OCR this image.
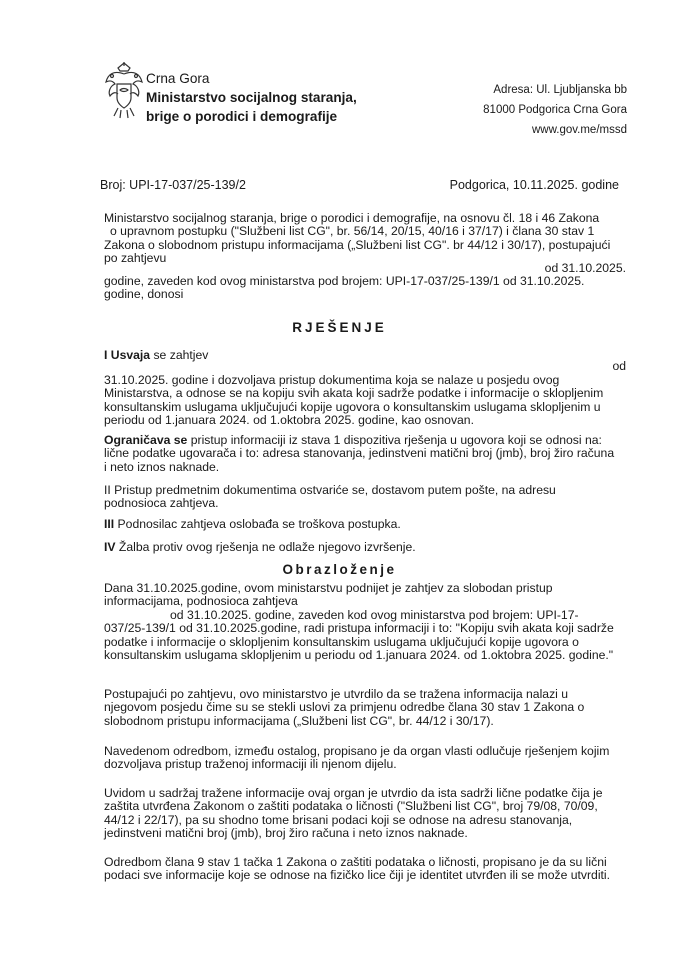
Crna Gora
Ministarstvo socijalnog staranja,
brige o porodici i demografije
Adresa: Ul. Ljubljanska bb
81000 Podgorica Crna Gora
www.gov.me/mssd
Broj: UPI-17-037/25-139/2	Podgorica, 10.11.2025. godine
Ministarstvo socijalnog staranja, brige o porodici i demografije, na osnovu čl. 18 i 46 Zakona
o upravnom postupku ("Službeni list CG", br. 56/14, 20/15, 40/16 i 37/17) i člana 30 stav 1
Zakona o slobodnom pristupu informacijama („Službeni list CG". br 44/12 i 30/17), postupajući
po zahtjevu
od 31.10.2025.
godine, zaveden kod ovog ministarstva pod brojem: UPI-17-037/25-139/1 od 31.10.2025.
godine, donosi
RJEŠENJE
I Usvaja se zahtjev
od
31.10.2025. godine i dozvoljava pristup dokumentima koja se nalaze u posjedu ovog
Ministarstva, a odnose se na kopiju svih akata koji sadrže podatke i informacije o sklopljenim
konsultanskim uslugama uključujući kopije ugovora o konsultanskim uslugama sklopljenim u
periodu od 1.januara 2024. od 1.oktobra 2025. godine, kao osnovan.
Ograničava se pristup informaciji iz stava 1 dispozitiva rješenja u ugovora koji se odnosi na:
lične podatke ugovarača i to: adresa stanovanja, jedinstveni matični broj (jmb), broj žiro računa
i neto iznos naknade.
II Pristup predmetnim dokumentima ostvariće se, dostavom putem pošte, na adresu
podnosioca zahtjeva.
III Podnosilac zahtjeva oslobađa se troškova postupka.
IV Žalba protiv ovog rješenja ne odlaže njegovo izvršenje.
Obrazloženje
Dana 31.10.2025.godine, ovom ministarstvu podnijet je zahtjev za slobodan pristup
informacijama, podnosioca zahtjeva
od 31.10.2025. godine, zaveden kod ovog ministarstva pod brojem: UPI-17-
037/25-139/1 od 31.10.2025.godine, radi pristupa informaciji i to: "Kopiju svih akata koji sadrže
podatke i informacije o sklopljenim konsultanskim uslugama uključujući kopije ugovora o
konsultanskim uslugama sklopljenim u periodu od 1.januara 2024. od 1.oktobra 2025. godine."
Postupajući po zahtjevu, ovo ministarstvo je utvrdilo da se tražena informacija nalazi u
njegovom posjedu čime su se stekli uslovi za primjenu odredbe člana 30 stav 1 Zakona o
slobodnom pristupu informacijama („Službeni list CG", br. 44/12 i 30/17).
Navedenom odredbom, između ostalog, propisano je da organ vlasti odlučuje rješenjem kojim
dozvoljava pristup traženoj informaciji ili njenom dijelu.
Uvidom u sadržaj tražene informacije ovaj organ je utvrdio da ista sadrži lične podatke čija je
zaštita utvrđena Zakonom o zaštiti podataka o ličnosti ("Službeni list CG", broj 79/08, 70/09,
44/12 i 22/17), pa su shodno tome brisani podaci koji se odnose na adresu stanovanja,
jedinstveni matični broj (jmb), broj žiro računa i neto iznos naknade.
Odredbom člana 9 stav 1 tačka 1 Zakona o zaštiti podataka o ličnosti, propisano je da su lični
podaci sve informacije koje se odnose na fizičko lice čiji je identitet utvrđen ili se može utvrditi.
